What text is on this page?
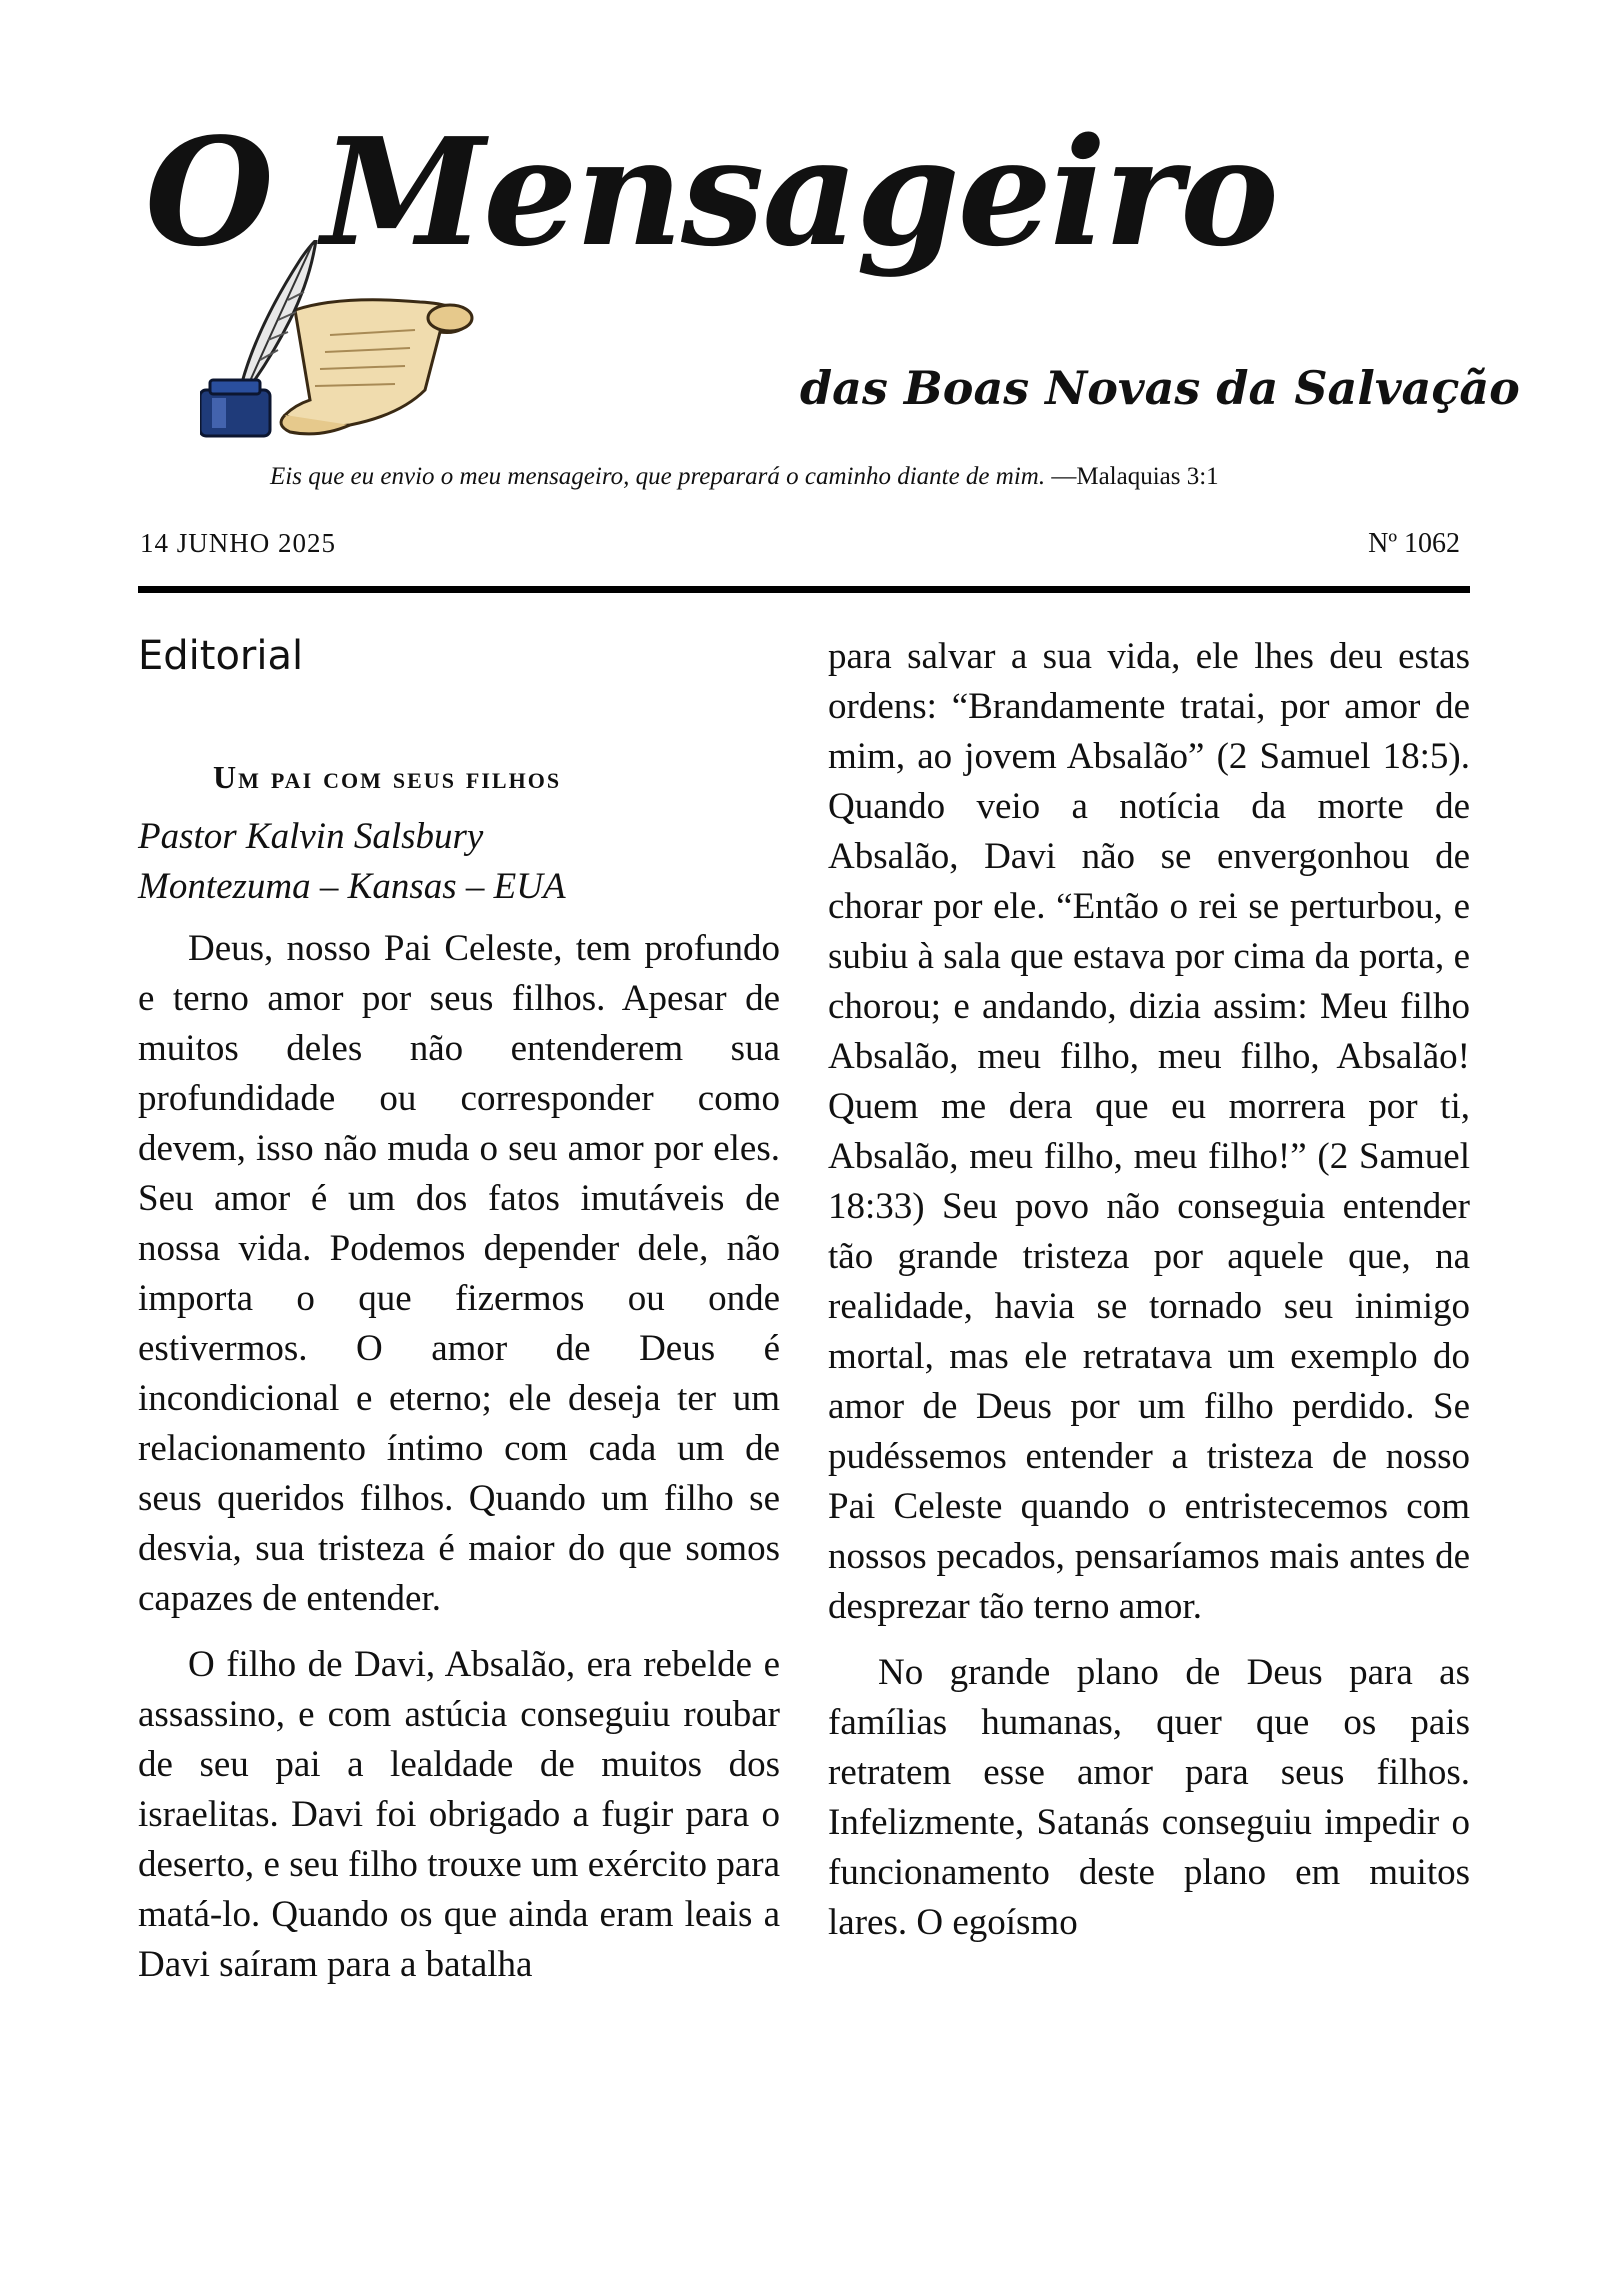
O Mensageiro
das Boas Novas da Salvação
Eis que eu envio o meu mensageiro, que preparará o caminho diante de mim. —Malaquias 3:1
14 JUNHO 2025	Nº 1062
Editorial
Um pai com seus filhos

Pastor Kalvin Salsbury

Montezuma – Kansas – EUA

Deus, nosso Pai Celeste, tem profundo e terno amor por seus filhos. Apesar de muitos deles não entenderem sua profundidade ou corresponder como devem, isso não muda o seu amor por eles. Seu amor é um dos fatos imutáveis de nossa vida. Podemos depender dele, não importa o que fizermos ou onde estivermos. O amor de Deus é incondicional e eterno; ele deseja ter um relacionamento íntimo com cada um de seus queridos filhos. Quando um filho se desvia, sua tristeza é maior do que somos capazes de entender.

O filho de Davi, Absalão, era rebelde e assassino, e com astúcia conseguiu roubar de seu pai a lealdade de muitos dos israelitas. Davi foi obrigado a fugir para o deserto, e seu filho trouxe um exército para matá-lo. Quando os que ainda eram leais a Davi saíram para a batalha

para salvar a sua vida, ele lhes deu estas ordens: “Brandamente tratai, por amor de mim, ao jovem Absalão” (2 Samuel 18:5). Quando veio a notícia da morte de Absalão, Davi não se envergonhou de chorar por ele. “Então o rei se perturbou, e subiu à sala que estava por cima da porta, e chorou; e andando, dizia assim: Meu filho Absalão, meu filho, meu filho, Absalão! Quem me dera que eu morrera por ti, Absalão, meu filho, meu filho!” (2 Samuel 18:33) Seu povo não conseguia entender tão grande tristeza por aquele que, na realidade, havia se tornado seu inimigo mortal, mas ele retratava um exemplo do amor de Deus por um filho perdido. Se pudéssemos entender a tristeza de nosso Pai Celeste quando o entristecemos com nossos pecados, pensaríamos mais antes de desprezar tão terno amor.

No grande plano de Deus para as famílias humanas, quer que os pais retratem esse amor para seus filhos. Infelizmente, Satanás conseguiu impedir o funcionamento deste plano em muitos lares. O egoísmo
